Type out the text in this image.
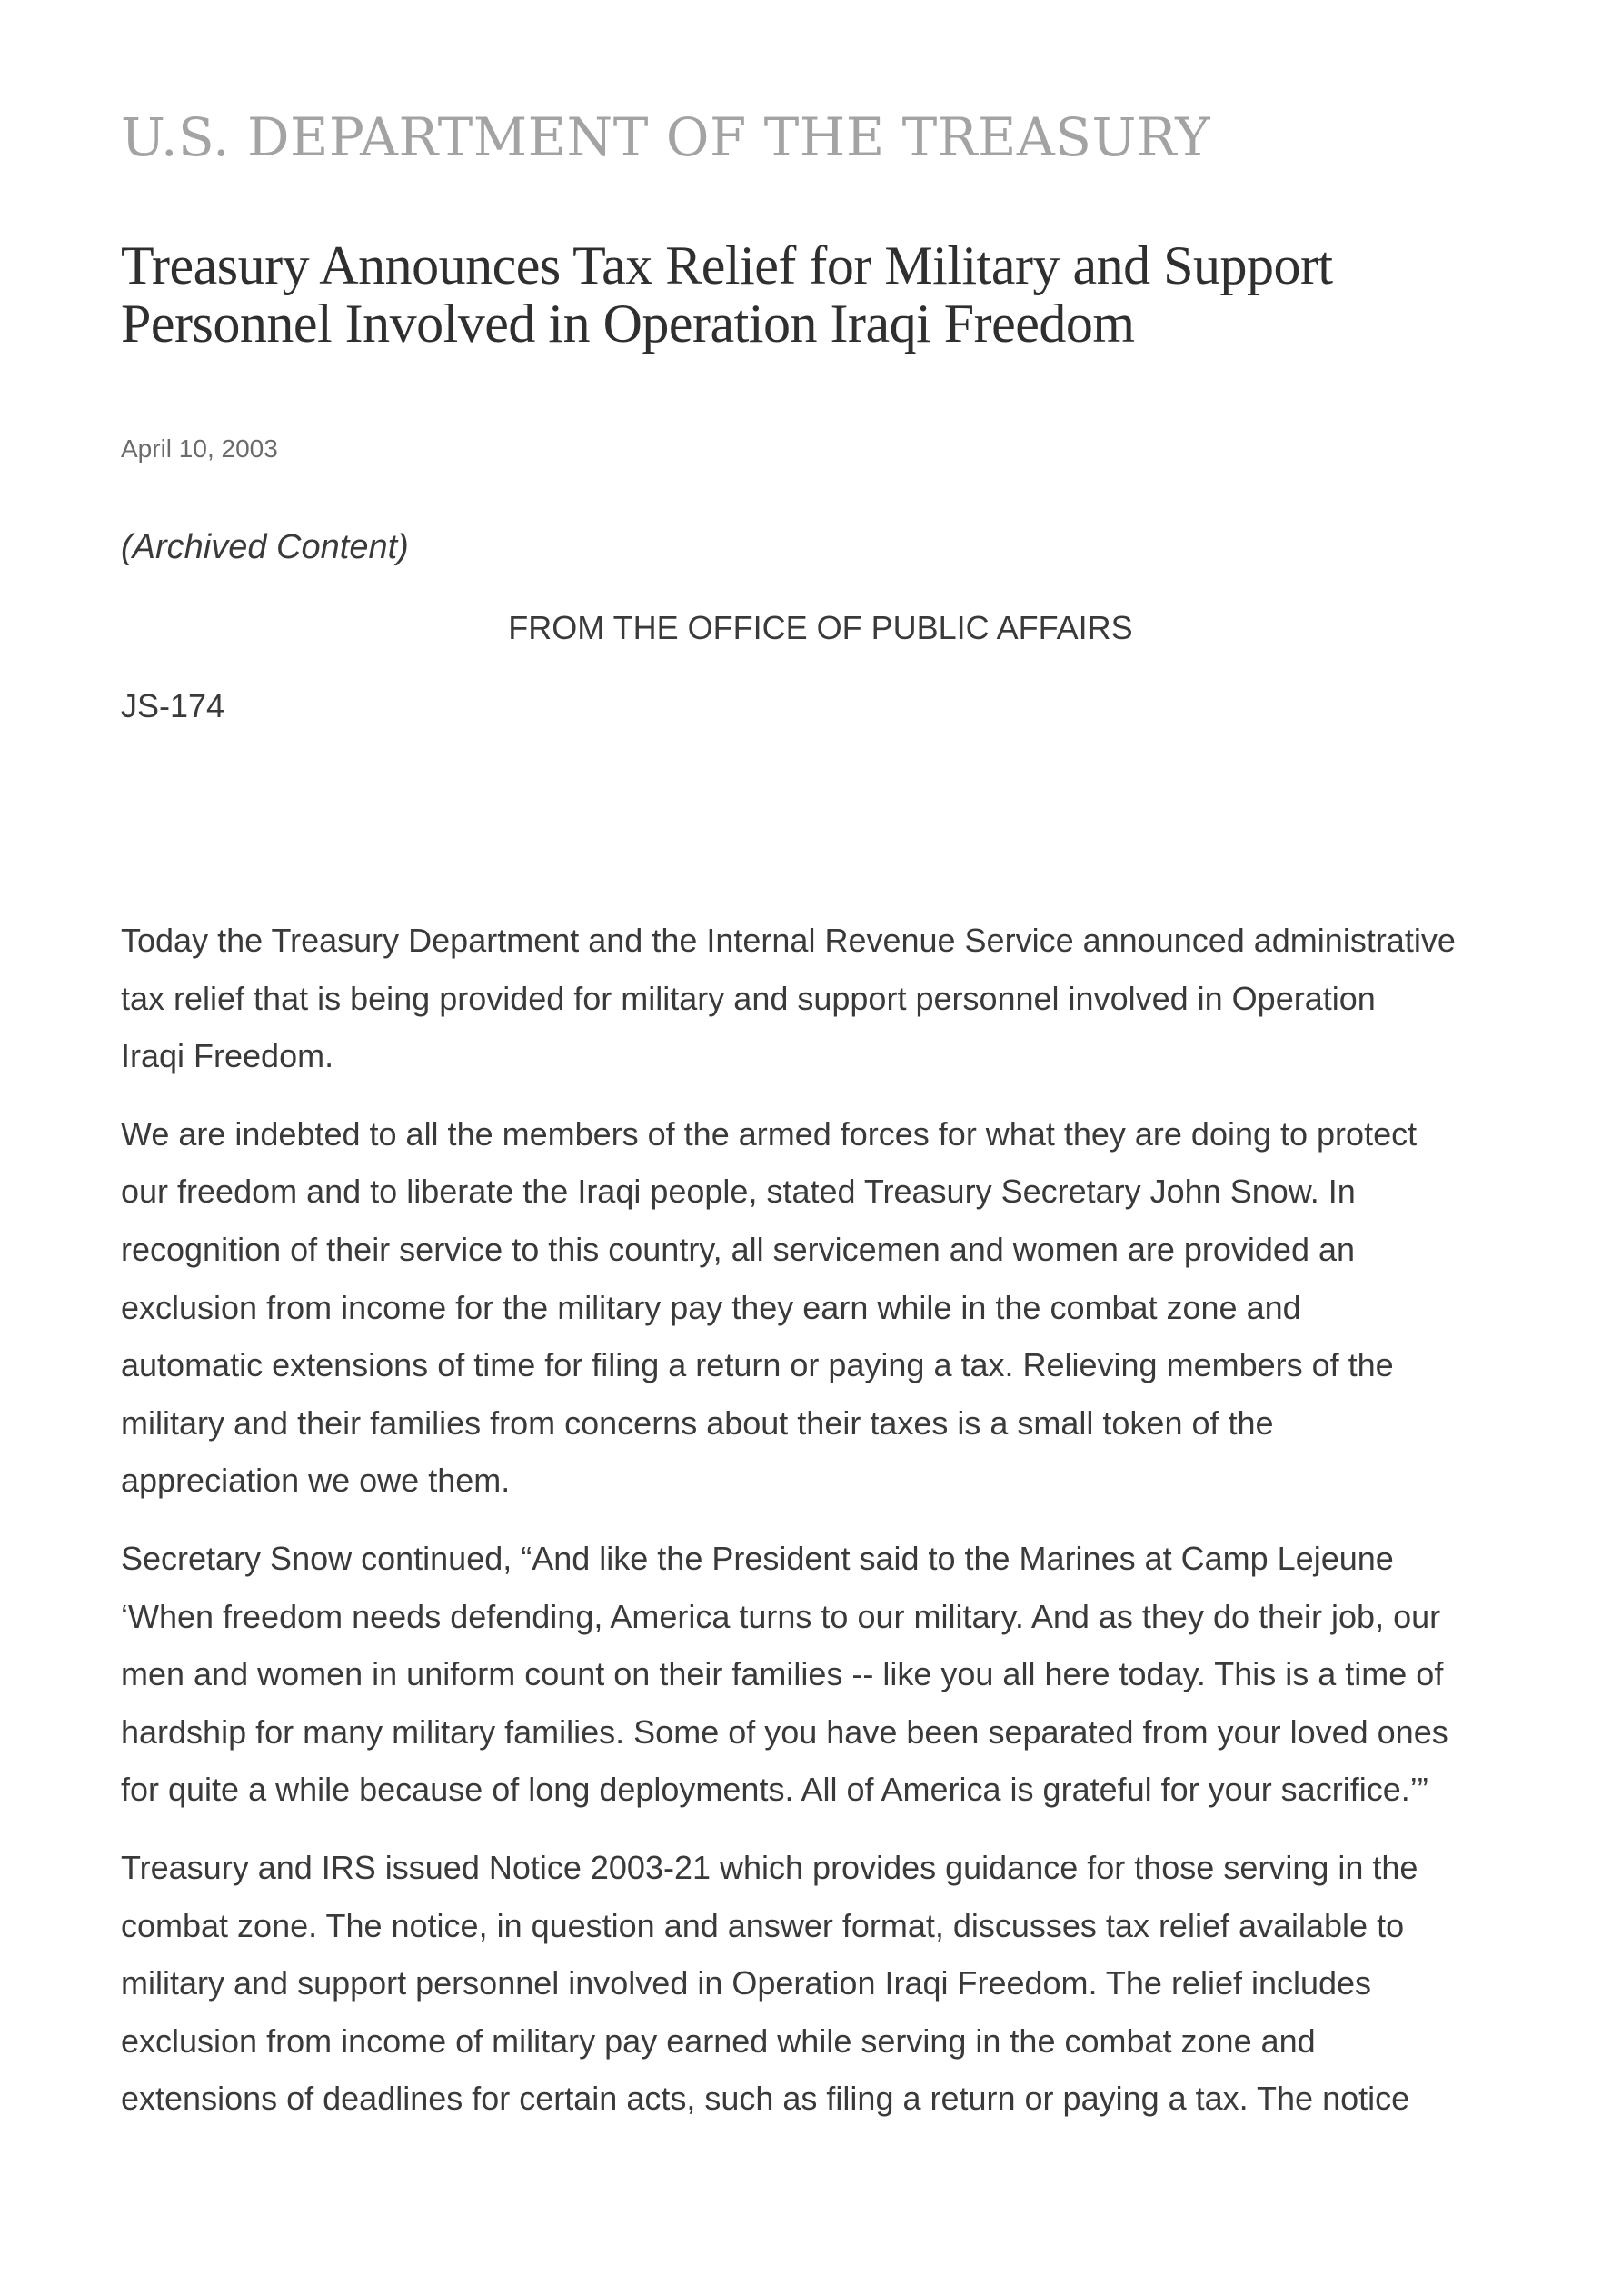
U.S. DEPARTMENT OF THE TREASURY
Treasury Announces Tax Relief for Military and Support
Personnel Involved in Operation Iraqi Freedom
April 10, 2003
(Archived Content)
FROM THE OFFICE OF PUBLIC AFFAIRS
JS-174

Today the Treasury Department and the Internal Revenue Service announced administrative
tax relief that is being provided for military and support personnel involved in Operation
Iraqi Freedom.

We are indebted to all the members of the armed forces for what they are doing to protect
our freedom and to liberate the Iraqi people, stated Treasury Secretary John Snow. In
recognition of their service to this country, all servicemen and women are provided an
exclusion from income for the military pay they earn while in the combat zone and
automatic extensions of time for filing a return or paying a tax. Relieving members of the
military and their families from concerns about their taxes is a small token of the
appreciation we owe them.

Secretary Snow continued, “And like the President said to the Marines at Camp Lejeune
‘When freedom needs defending, America turns to our military. And as they do their job, our
men and women in uniform count on their families -- like you all here today. This is a time of
hardship for many military families. Some of you have been separated from your loved ones
for quite a while because of long deployments. All of America is grateful for your sacrifice.’”

Treasury and IRS issued Notice 2003-21 which provides guidance for those serving in the
combat zone. The notice, in question and answer format, discusses tax relief available to
military and support personnel involved in Operation Iraqi Freedom. The relief includes
exclusion from income of military pay earned while serving in the combat zone and
extensions of deadlines for certain acts, such as filing a return or paying a tax. The notice
